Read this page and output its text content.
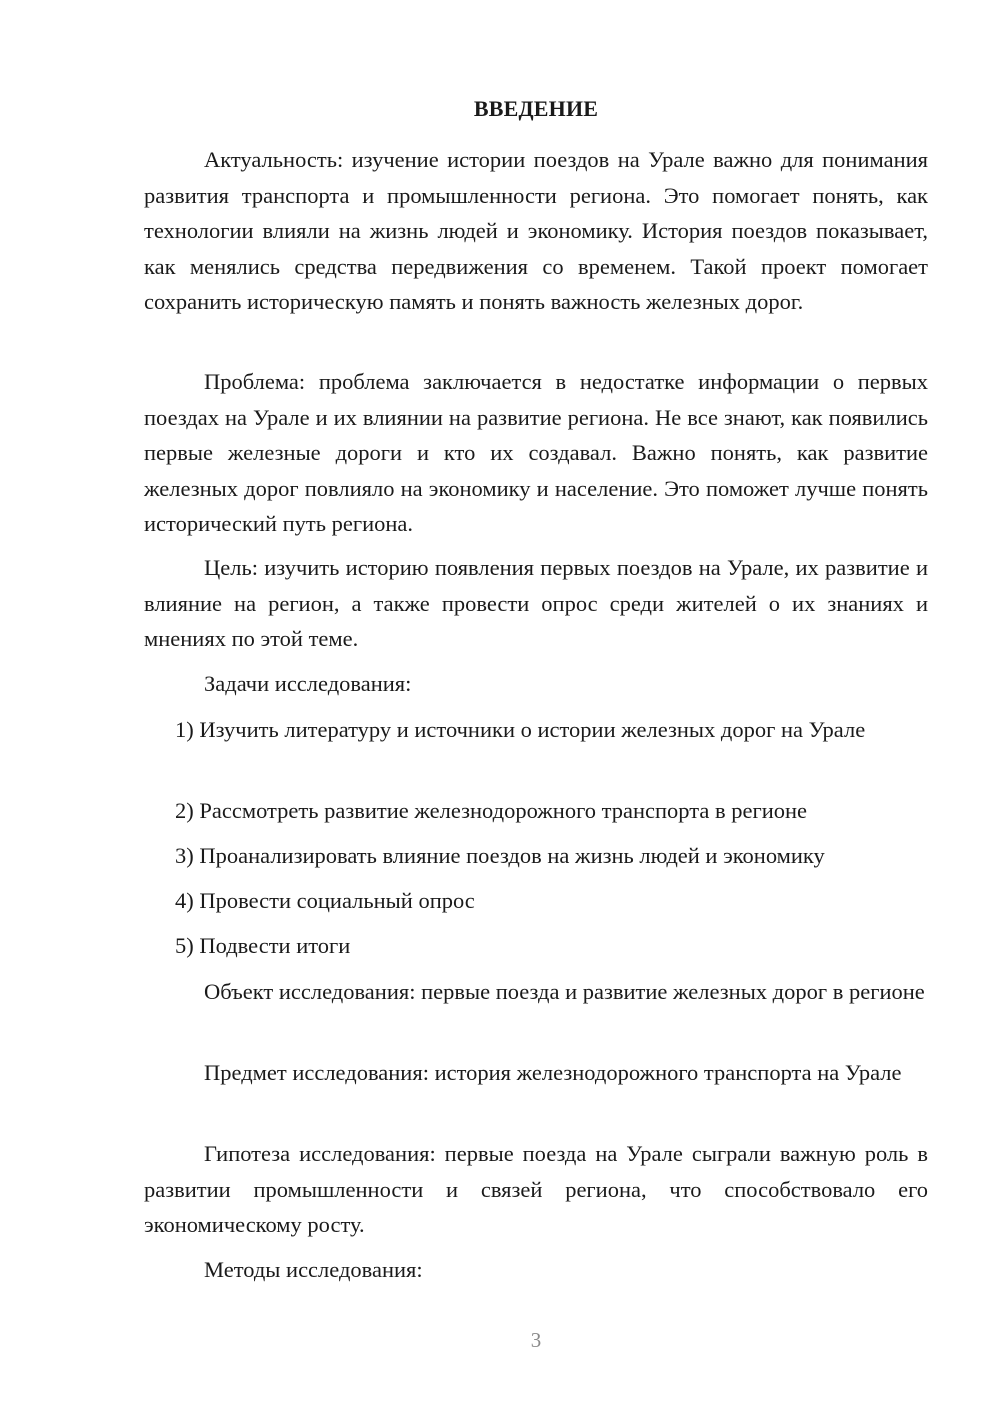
ВВЕДЕНИЕ
Актуальность: изучение истории поездов на Урале важно для понимания развития транспорта и промышленности региона. Это помогает понять, как технологии влияли на жизнь людей и экономику. История поездов показывает, как менялись средства передвижения со временем. Такой проект помогает сохранить историческую память и понять важность железных дорог.
Проблема: проблема заключается в недостатке информации о первых поездах на Урале и их влиянии на развитие региона. Не все знают, как появились первые железные дороги и кто их создавал. Важно понять, как развитие железных дорог повлияло на экономику и население. Это поможет лучше понять исторический путь региона.
Цель: изучить историю появления первых поездов на Урале, их развитие и влияние на регион, а также провести опрос среди жителей о их знаниях и мнениях по этой теме.
Задачи исследования:
1) Изучить литературу и источники о истории железных дорог на Урале
2) Рассмотреть развитие железнодорожного транспорта в регионе
3) Проанализировать влияние поездов на жизнь людей и экономику
4) Провести социальный опрос
5) Подвести итоги
Объект исследования: первые поезда и развитие железных дорог в регионе
Предмет исследования: история железнодорожного транспорта на Урале
Гипотеза исследования: первые поезда на Урале сыграли важную роль в развитии промышленности и связей региона, что способствовало его экономическому росту.
Методы исследования:
3
